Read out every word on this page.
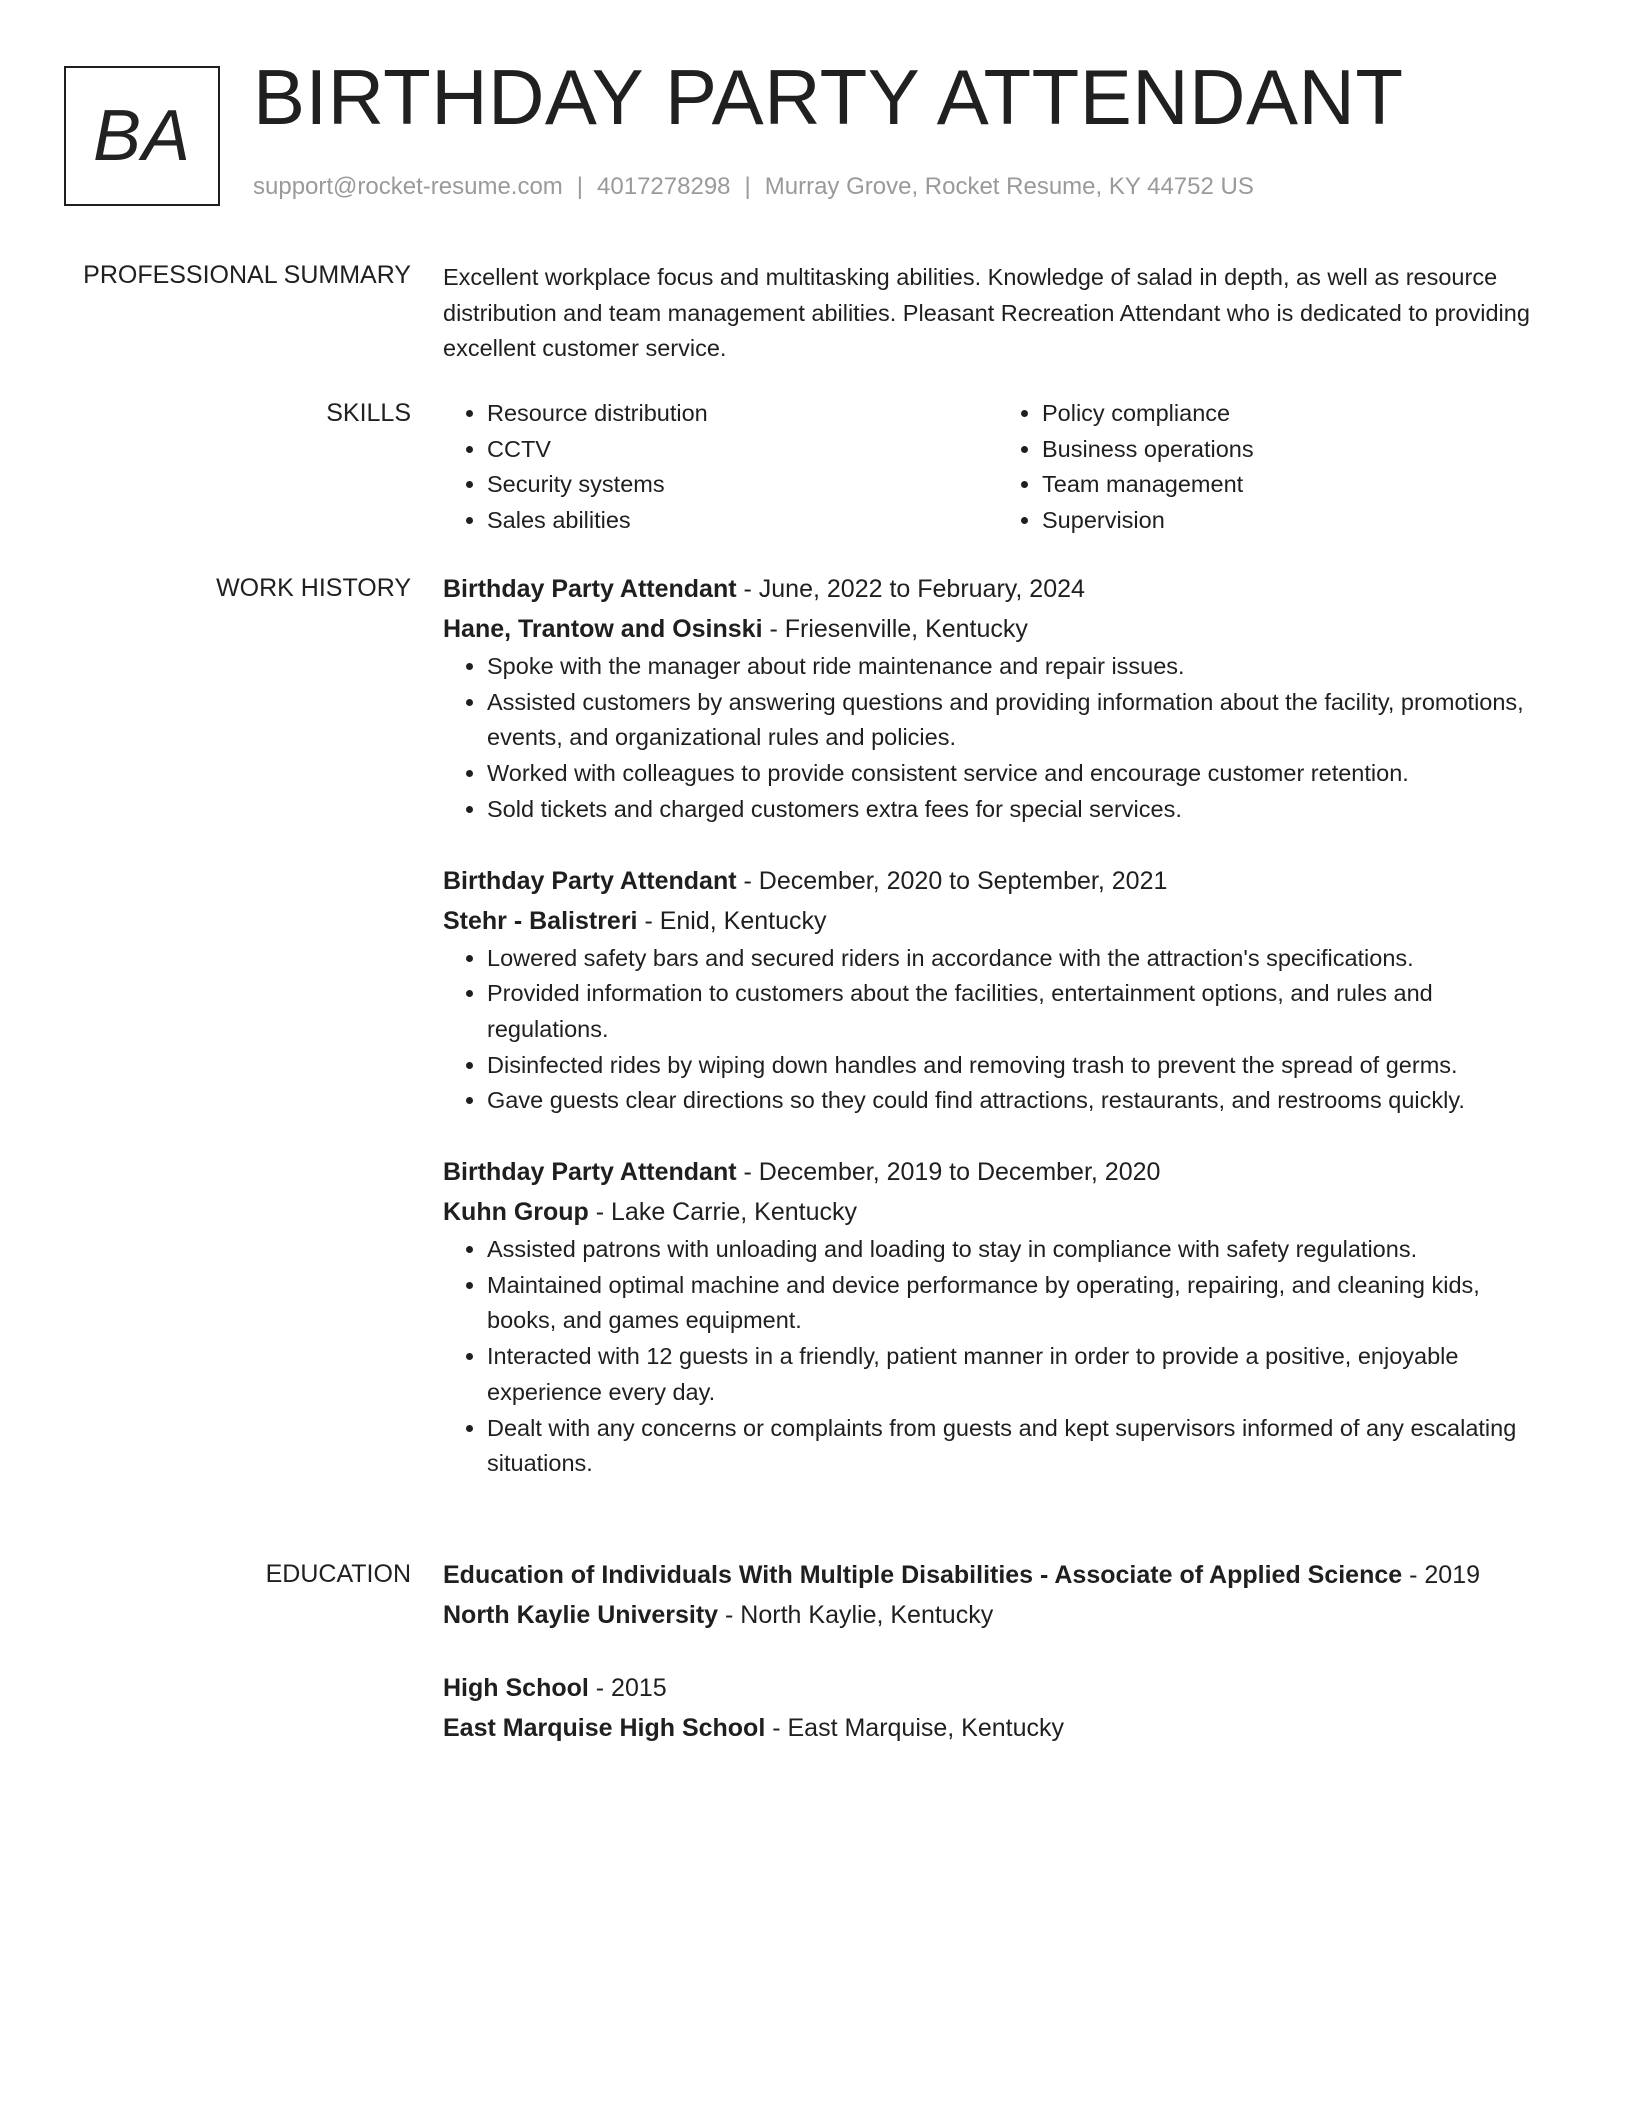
BA BIRTHDAY PARTY ATTENDANT
support@rocket-resume.com | 4017278298 | Murray Grove, Rocket Resume, KY 44752 US
PROFESSIONAL SUMMARY Excellent workplace focus and multitasking abilities. Knowledge of salad in depth, as well as resource distribution and team management abilities. Pleasant Recreation Attendant who is dedicated to providing excellent customer service.

SKILLS
•	Resource distribution
• CCTV
• Security systems
• Sales abilities
• Policy compliance
• Business operations
• Team management
• Supervision
WORK HISTORY Birthday Party Attendant - June, 2022 to February, 2024
Hane, Trantow and Osinski - Friesenville, Kentucky
• Spoke with the manager about ride maintenance and repair issues.
• Assisted customers by answering questions and providing information about the facility, promotions, events, and organizational rules and policies.
• Worked with colleagues to provide consistent service and encourage customer retention.
• Sold tickets and charged customers extra fees for special services.
Birthday Party Attendant - December, 2020 to September, 2021
Stehr - Balistreri - Enid, Kentucky
• Lowered safety bars and secured riders in accordance with the attraction's specifications.
• Provided information to customers about the facilities, entertainment options, and rules and regulations.
• Disinfected rides by wiping down handles and removing trash to prevent the spread of germs.
• Gave guests clear directions so they could find attractions, restaurants, and restrooms quickly.
Birthday Party Attendant - December, 2019 to December, 2020
Kuhn Group - Lake Carrie, Kentucky
• Assisted patrons with unloading and loading to stay in compliance with safety regulations.
• Maintained optimal machine and device performance by operating, repairing, and cleaning kids, books, and games equipment.
• Interacted with 12 guests in a friendly, patient manner in order to provide a positive, enjoyable experience every day.
• Dealt with any concerns or complaints from guests and kept supervisors informed of any escalating situations.
EDUCATION Education of Individuals With Multiple Disabilities - Associate of Applied Science - 2019
North Kaylie University - North Kaylie, Kentucky
High School - 2015
East Marquise High School - East Marquise, Kentucky
